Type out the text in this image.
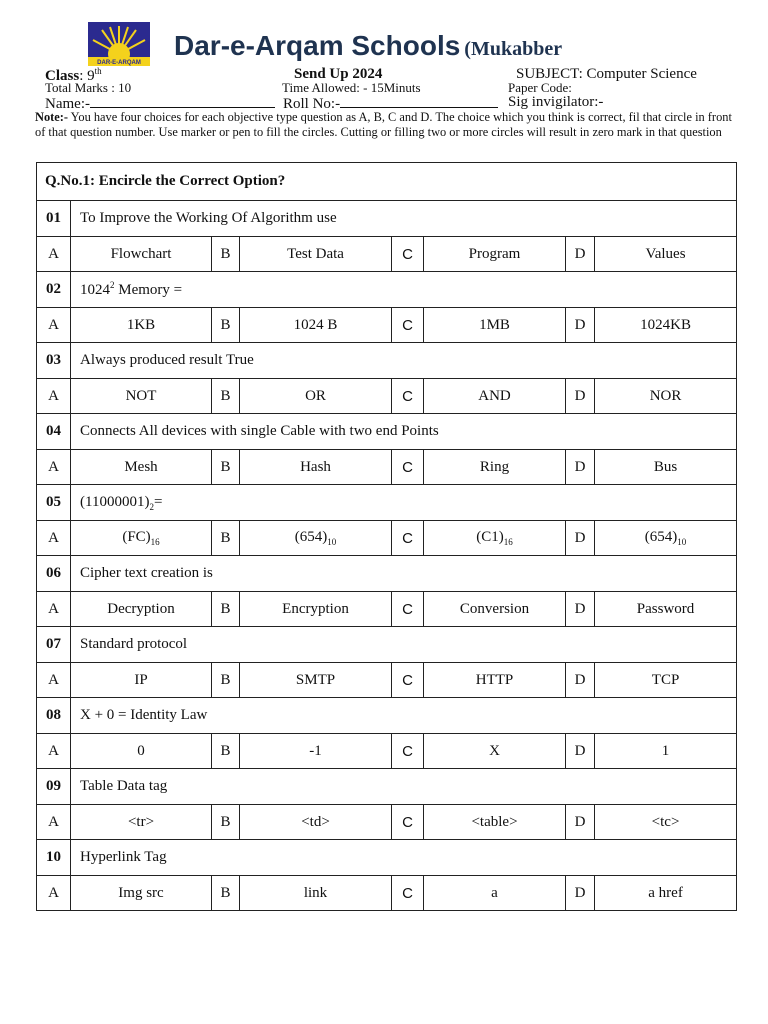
DAR-E-ARQAM
Dar-e-Arqam Schools (Mukabber
Class: 9th	Send Up 2024	SUBJECT: Computer Science
Total Marks : 10	Time Allowed: - 15Minuts	Paper Code:
Name:-	Roll No:-	Sig invigilator:-
Note:- You have four choices for each objective type question as A, B, C and D. The choice which you think is correct, fil that circle in front of that question number. Use marker or pen to fill the circles. Cutting or filling two or more circles will result in zero mark in that question
Q.No.1: Encircle the Correct Option?							
01	To Improve the Working Of Algorithm use						
A	Flowchart	B	Test Data	C	Program	D	Values
02	1024$^2$ Memory =						
A	1KB	B	1024 B	C	1MB	D	1024KB
03	Always produced result True						
A	NOT	B	OR	C	AND	D	NOR
04	Connects All devices with single Cable with two end Points						
A	Mesh	B	Hash	C	Ring	D	Bus
05	$(11000001)_2=$						
A	$(FC)_{16}$	B	$(654)_{10}$	C	$(C1)_{16}$	D	$(654)_{10}$
06	Cipher text creation is						
A	Decryption	B	Encryption	C	Conversion	D	Password
07	Standard protocol						
A	IP	B	SMTP	C	HTTP	D	TCP
08	X + 0 = Identity Law						
A	0	B	-1	C	X	D	1
09	Table Data tag						
A	<tr>	B	<td>	C	<table>	D	<tc>
10	Hyperlink Tag						
A	Img src	B	link	C	a	D	a href
